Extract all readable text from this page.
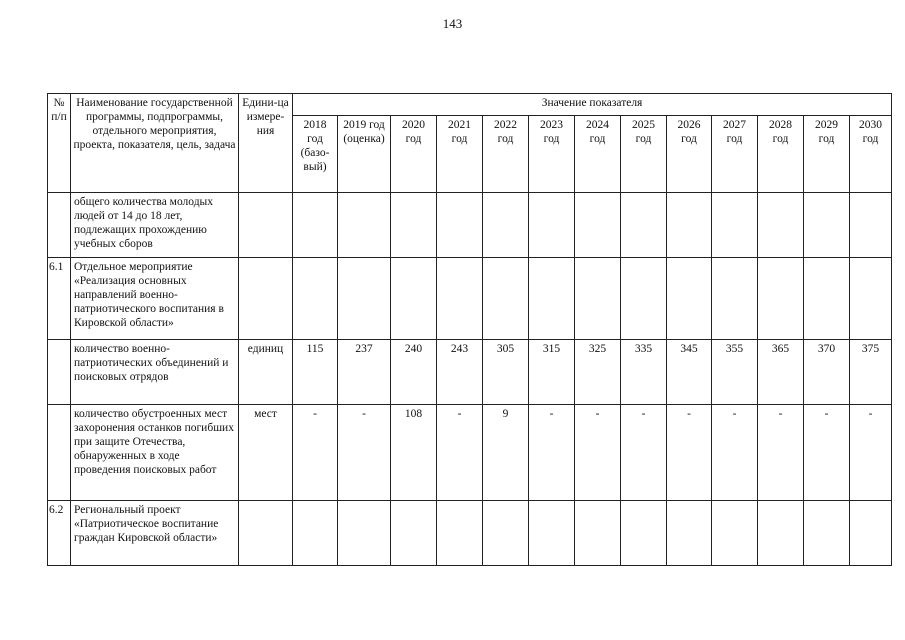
143
№ п/п	Наименование государственной программы, подпрограммы, отдельного мероприятия, проекта, показателя, цель, задача	Едини-ца измере-ния	Значение показателя												
			2018 год (базо-вый)	2019 год (оценка)	2020 год	2021 год	2022 год	2023 год	2024 год	2025 год	2026 год	2027 год	2028 год	2029 год	2030 год
	общего количества молодых людей от 14 до 18 лет, подлежащих прохождению учебных сборов														
6.1	Отдельное мероприятие «Реализация основных направлений военно-патриотического воспитания в Кировской области»														
	количество военно-патриотических объединений и поисковых отрядов	единиц	115	237	240	243	305	315	325	335	345	355	365	370	375
	количество обустроенных мест захоронения останков погибших при защите Отечества, обнаруженных в ходе проведения поисковых работ	мест	-	-	108	-	9	-	-	-	-	-	-	-	-
6.2	Региональный проект «Патриотическое воспитание граждан Кировской области»														
